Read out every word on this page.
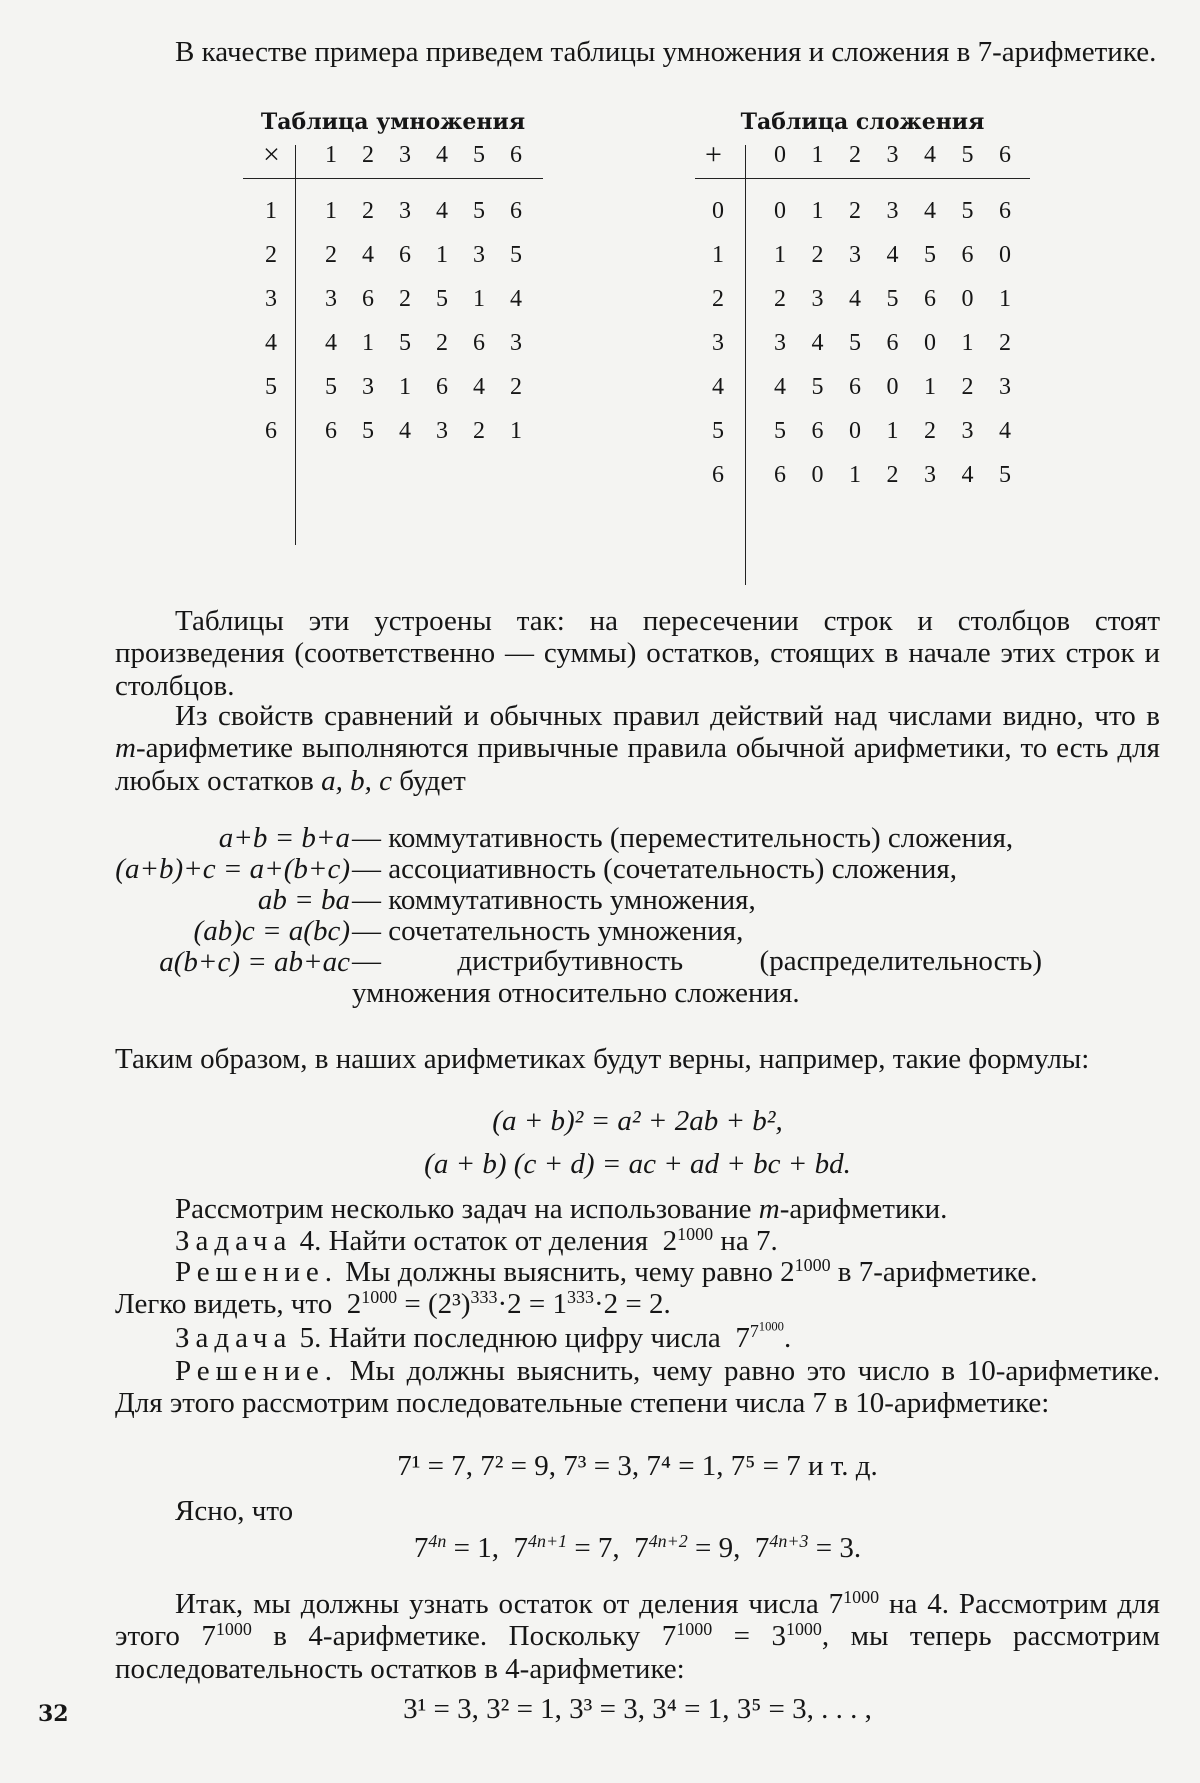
В качестве примера приведем таблицы умножения и сложения в 7-арифметике.

Таблица умножения
×	1	2	3	4	5	6
1	1	2	3	4	5	6
2	2	4	6	1	3	5
3	3	6	2	5	1	4
4	4	1	5	2	6	3
5	5	3	1	6	4	2
6	6	5	4	3	2	1
Таблица сложения
+	0	1	2	3	4	5	6
0	0	1	2	3	4	5	6
1	1	2	3	4	5	6	0
2	2	3	4	5	6	0	1
3	3	4	5	6	0	1	2
4	4	5	6	0	1	2	3
5	5	6	0	1	2	3	4
6	6	0	1	2	3	4	5

Таблицы эти устроены так: на пересечении строк и столбцов стоят произведения (соответственно — суммы) остатков, стоящих в начале этих строк и столбцов.

Из свойств сравнений и обычных правил действий над числами видно, что в m-арифметике выполняются привычные правила обычной арифметики, то есть для любых остатков a, b, c будет

a+b = b+a — коммутативность (переместительность) сложения,
(a+b)+c = a+(b+c) — ассоциативность (сочетательность) сложения,
ab = ba — коммутативность умножения,
(ab)c = a(bc) — сочетательность умножения,
a(b+c) = ab+ac — дистрибутивность (распределительность) умножения относительно сложения.

Таким образом, в наших арифметиках будут верны, например, такие формулы:

(a + b)² = a² + 2ab + b²,
(a + b) (c + d) = ac + ad + bc + bd.

Рассмотрим несколько задач на использование m-арифметики.

Задача 4. Найти остаток от деления $2^{1000}$ на 7.

Решение. Мы должны выяснить, чему равно $2^{1000}$ в 7-арифметике.

Легко видеть, что $2^{1000} = (2^3)^{333}\cdot 2 = 1^{333}\cdot 2 = 2$.

Задача 5. Найти последнюю цифру числа $7^{7^{1000}}$.

Решение. Мы должны выяснить, чему равно это число в 10-арифметике. Для этого рассмотрим последовательные степени числа 7 в 10-арифметике:

7¹ = 7, 7² = 9, 7³ = 3, 7⁴ = 1, 7⁵ = 7 и т. д.

Ясно, что

$7^{4n} = 1$,  $7^{4n+1} = 7$,  $7^{4n+2} = 9$,  $7^{4n+3} = 3$.

Итак, мы должны узнать остаток от деления числа $7^{1000}$ на 4. Рассмотрим для этого $7^{1000}$ в 4-арифметике. Поскольку $7^{1000} = 3^{1000}$, мы теперь рассмотрим последовательность остатков в 4-арифметике:

3¹ = 3, 3² = 1, 3³ = 3, 3⁴ = 1, 3⁵ = 3, . . . ,
32
